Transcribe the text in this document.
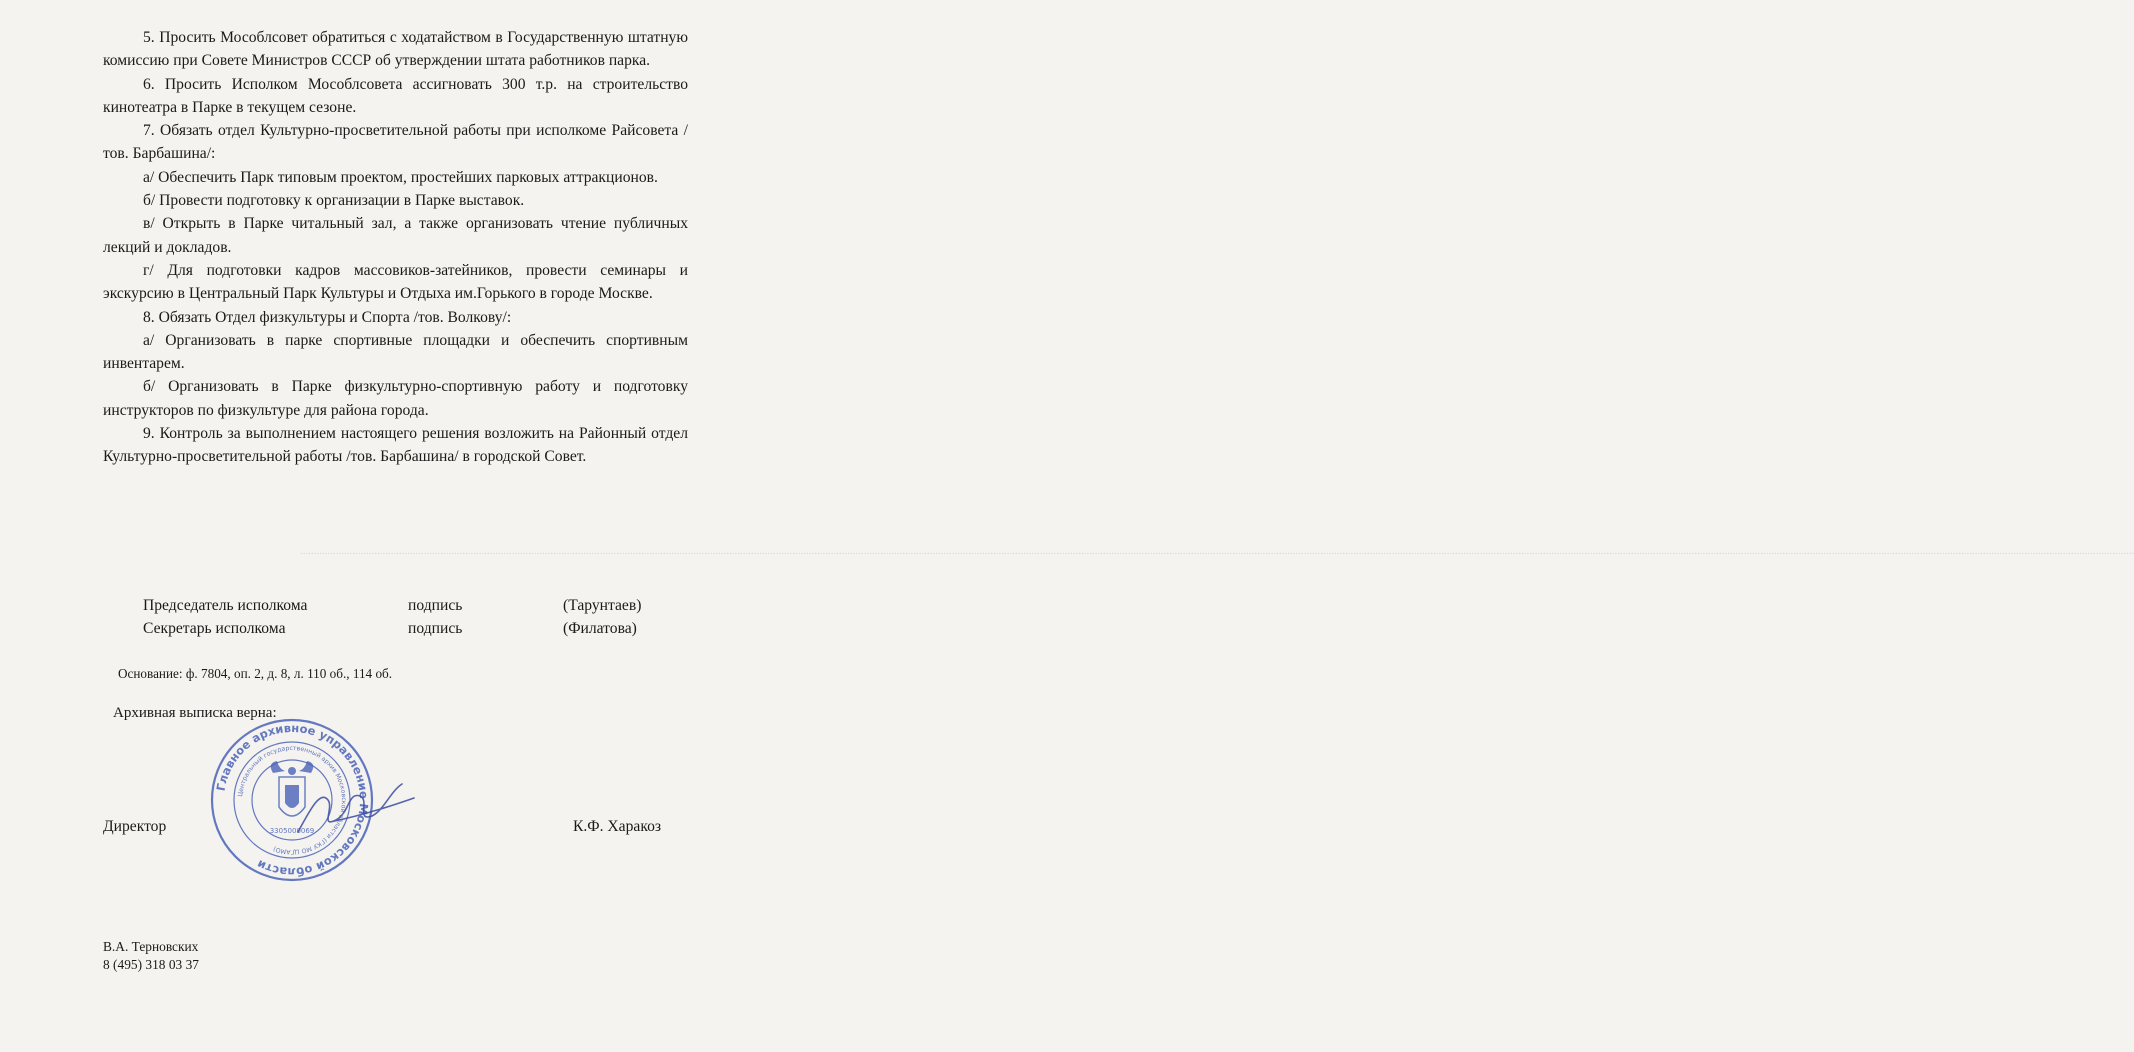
...........................................................................................................................................................................................................................................................................................................................................................................................................................................................................................................................................................................................................................................................................................

5. Просить Мособлсовет обратиться с ходатайством в Государственную штатную комиссию при Совете Министров СССР об утверждении штата работников парка.

6. Просить Исполком Мособлсовета ассигновать 300 т.р. на строительство кинотеатра в Парке в текущем сезоне.

7. Обязать отдел Культурно-просветительной работы при исполкоме Райсовета /тов. Барбашина/:

а/ Обеспечить Парк типовым проектом, простейших парковых аттракционов.

б/ Провести подготовку к организации в Парке выставок.

в/ Открыть в Парке читальный зал, а также организовать чтение публичных лекций и докладов.

г/ Для подготовки кадров массовиков-затейников, провести семинары и экскурсию в Центральный Парк Культуры и Отдыха им.Горького в городе Москве.

8. Обязать Отдел физкультуры и Спорта /тов. Волкову/:

а/ Организовать в парке спортивные площадки и обеспечить спортивным инвентарем.

б/ Организовать в Парке физкультурно-спортивную работу и подготовку инструкторов по физкультуре для района города.

9. Контроль за выполнением настоящего решения возложить на Районный отдел Культурно-просветительной работы /тов. Барбашина/ в городской Совет.

Председатель исполкома	подпись	(Тарунтаев)
Секретарь исполкома	подпись	(Филатова)
Основание: ф. 7804, оп. 2, д. 8, л. 110 об., 114 об.
Архивная выписка верна:
Главное архивное управление Московской области
Центральный государственный архив Московской области (ГКУ МО ЦГАМО)
3305000069
Директор	К.Ф. Харакоз
В.А. Терновских
8 (495) 318 03 37
